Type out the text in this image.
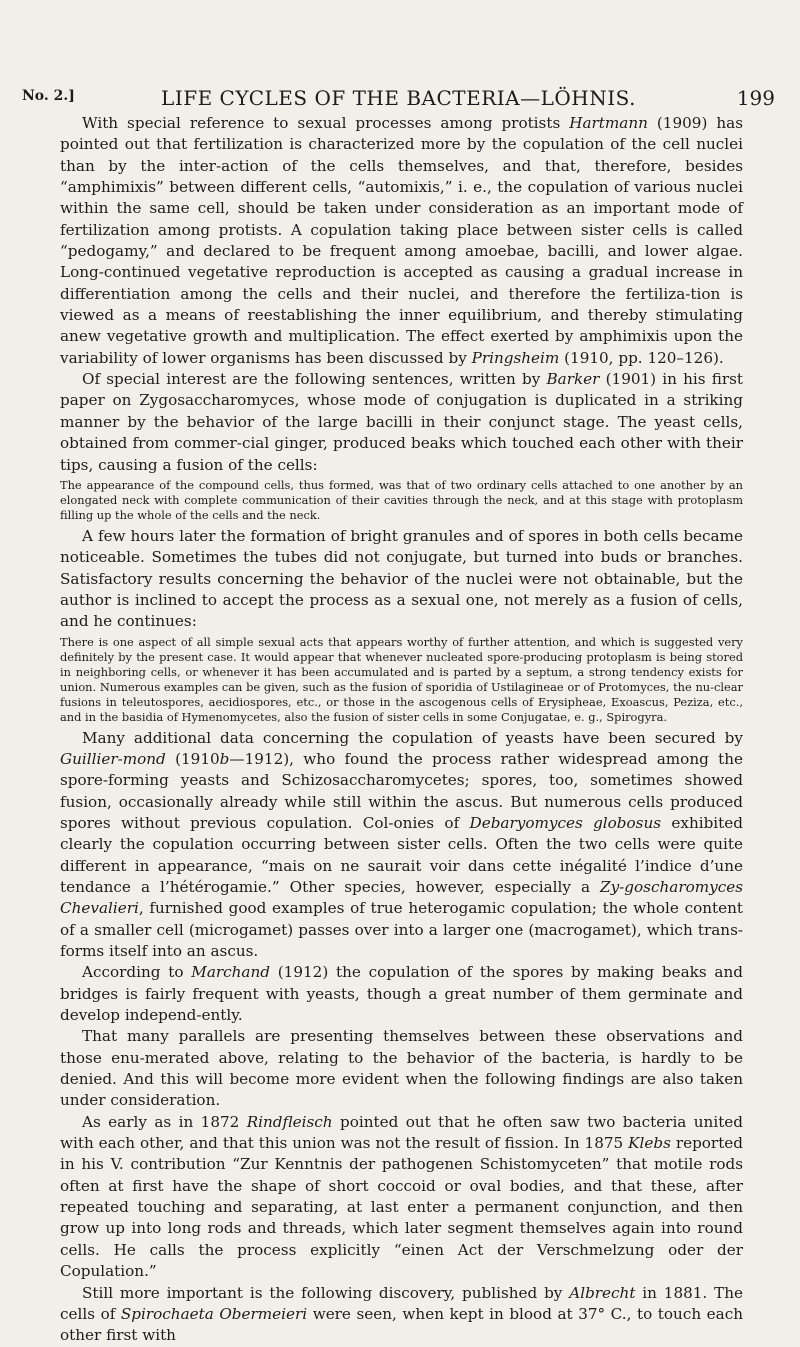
No. 2.]	LIFE CYCLES OF THE BACTERIA—LÖHNIS.	199

With special reference to sexual processes among protists Hartmann (1909) has pointed out that fertilization is characterized more by the copulation of the cell nuclei than by the inter-action of the cells themselves, and that, therefore, besides “amphimixis” between different cells, “automixis,” i. e., the copulation of various nuclei within the same cell, should be taken under consideration as an important mode of fertilization among protists. A copulation taking place between sister cells is called “pedogamy,” and declared to be frequent among amoebae, bacilli, and lower algae. Long-continued vegetative reproduction is accepted as causing a gradual increase in differentiation among the cells and their nuclei, and therefore the fertiliza-tion is viewed as a means of reestablishing the inner equilibrium, and thereby stimulating anew vegetative growth and multiplication. The effect exerted by amphimixis upon the variability of lower organisms has been discussed by Pringsheim (1910, pp. 120–126).

Of special interest are the following sentences, written by Barker (1901) in his first paper on Zygosaccharomyces, whose mode of conjugation is duplicated in a striking manner by the behavior of the large bacilli in their conjunct stage. The yeast cells, obtained from commer-cial ginger, produced beaks which touched each other with their tips, causing a fusion of the cells:

The appearance of the compound cells, thus formed, was that of two ordinary cells attached to one another by an elongated neck with complete communication of their cavities through the neck, and at this stage with protoplasm filling up the whole of the cells and the neck.

A few hours later the formation of bright granules and of spores in both cells became noticeable. Sometimes the tubes did not conjugate, but turned into buds or branches. Satisfactory results concerning the behavior of the nuclei were not obtainable, but the author is inclined to accept the process as a sexual one, not merely as a fusion of cells, and he continues:

There is one aspect of all simple sexual acts that appears worthy of further attention, and which is suggested very definitely by the present case. It would appear that whenever nucleated spore-producing protoplasm is being stored in neighboring cells, or whenever it has been accumulated and is parted by a septum, a strong tendency exists for union. Numerous examples can be given, such as the fusion of sporidia of Ustilagineae or of Protomyces, the nu-clear fusions in teleutospores, aecidiospores, etc., or those in the ascogenous cells of Erysipheae, Exoascus, Peziza, etc., and in the basidia of Hymenomycetes, also the fusion of sister cells in some Conjugatae, e. g., Spirogyra.

Many additional data concerning the copulation of yeasts have been secured by Guillier-mond (1910b—1912), who found the process rather widespread among the spore-forming yeasts and Schizosaccharomycetes; spores, too, sometimes showed fusion, occasionally already while still within the ascus. But numerous cells produced spores without previous copulation. Col-onies of Debaryomyces globosus exhibited clearly the copulation occurring between sister cells. Often the two cells were quite different in appearance, “mais on ne saurait voir dans cette inégalité l’indice d’une tendance a l’hétérogamie.” Other species, however, especially a Zy-goscharomyces Chevalieri, furnished good examples of true heterogamic copulation; the whole content of a smaller cell (microgamet) passes over into a larger one (macrogamet), which trans-forms itself into an ascus.

According to Marchand (1912) the copulation of the spores by making beaks and bridges is fairly frequent with yeasts, though a great number of them germinate and develop independ-ently.

That many parallels are presenting themselves between these observations and those enu-merated above, relating to the behavior of the bacteria, is hardly to be denied. And this will become more evident when the following findings are also taken under consideration.

As early as in 1872 Rindfleisch pointed out that he often saw two bacteria united with each other, and that this union was not the result of fission. In 1875 Klebs reported in his V. contribution “Zur Kenntnis der pathogenen Schistomyceten” that motile rods often at first have the shape of short coccoid or oval bodies, and that these, after repeated touching and separating, at last enter a permanent conjunction, and then grow up into long rods and threads, which later segment themselves again into round cells. He calls the process explicitly “einen Act der Verschmelzung oder der Copulation.”

Still more important is the following discovery, published by Albrecht in 1881. The cells of Spirochaeta Obermeieri were seen, when kept in blood at 37° C., to touch each other first with
